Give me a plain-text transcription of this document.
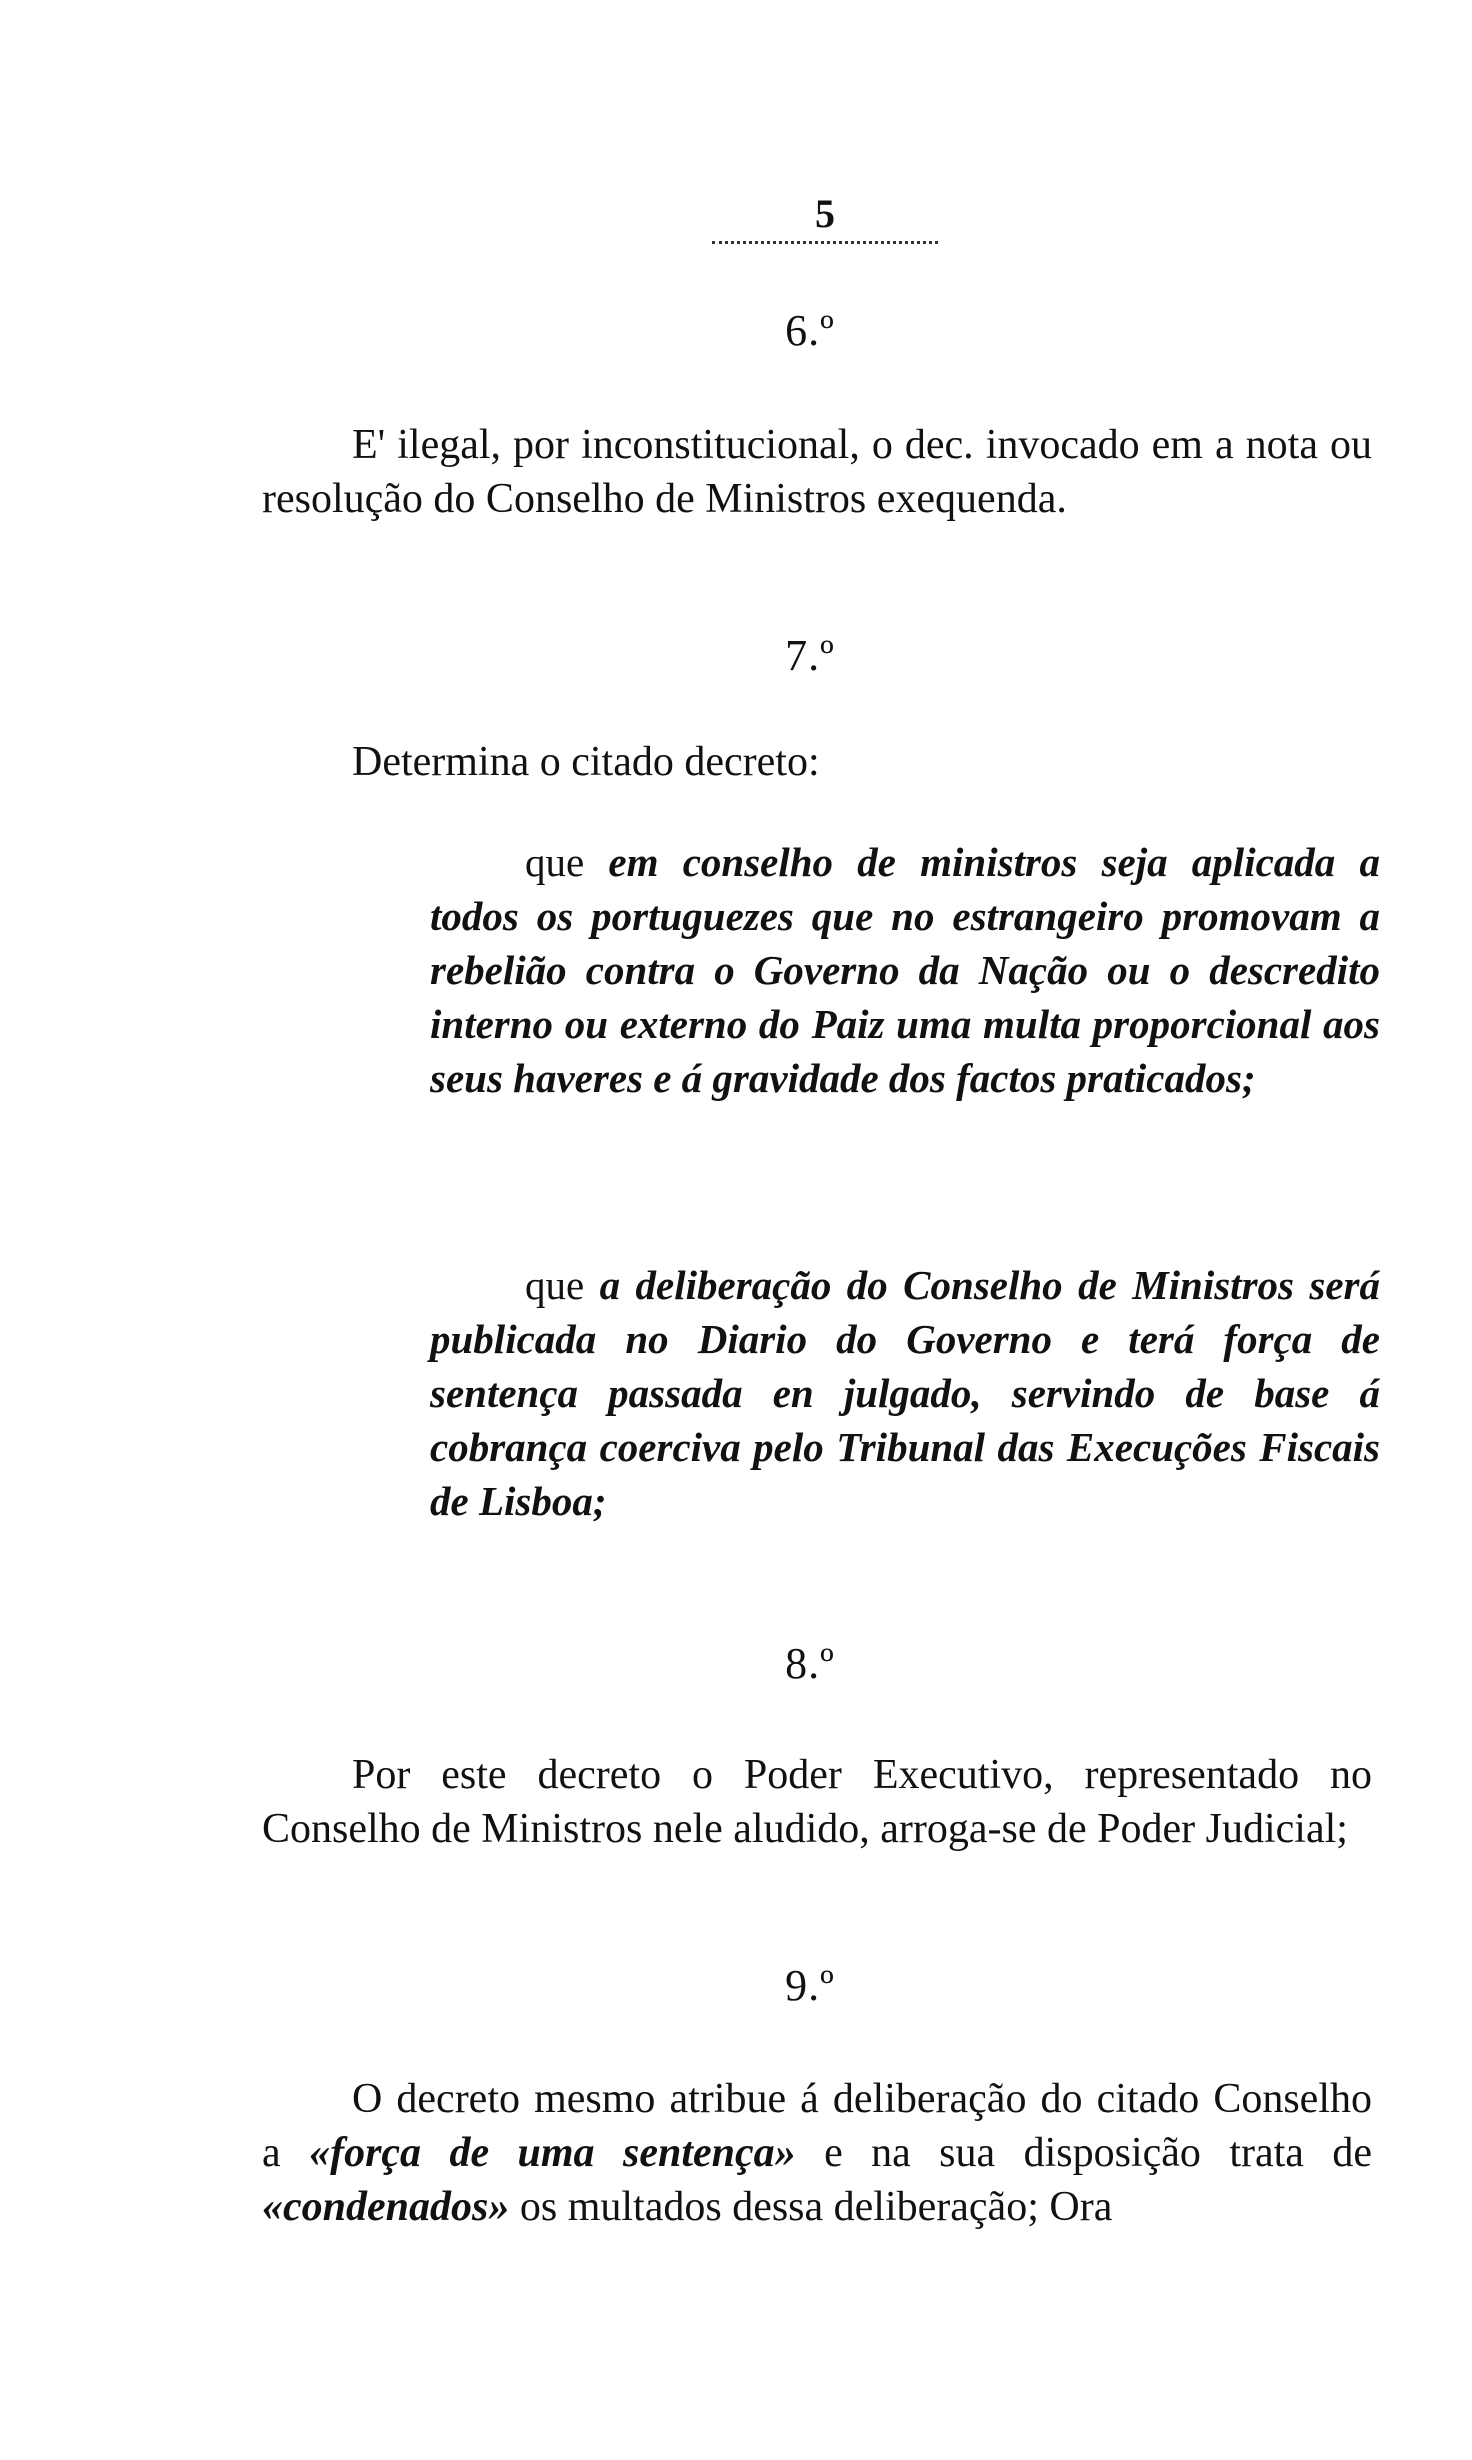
5
6.º

E' ilegal, por inconstitucional, o dec. invocado em a nota ou resolução do Conselho de Ministros exequenda.

7.º

Determina o citado decreto:

que em conselho de ministros seja aplicada a todos os portuguezes que no estrangeiro promovam a rebelião contra o Governo da Nação ou o descredito interno ou externo do Paiz uma multa proporcional aos seus haveres e á gravidade dos factos praticados;

que a deliberação do Conselho de Ministros será publicada no Diario do Governo e terá força de sentença passada en julgado, servindo de base á cobrança coerciva pelo Tribunal das Execuções Fiscais de Lisboa;

8.º

Por este decreto o Poder Executivo, representado no Conselho de Ministros nele aludido, arroga-se de Poder Judicial;

9.º

O decreto mesmo atribue á deliberação do citado Conselho a «força de uma sentença» e na sua disposição trata de «condenados» os multados dessa deliberação; Ora
